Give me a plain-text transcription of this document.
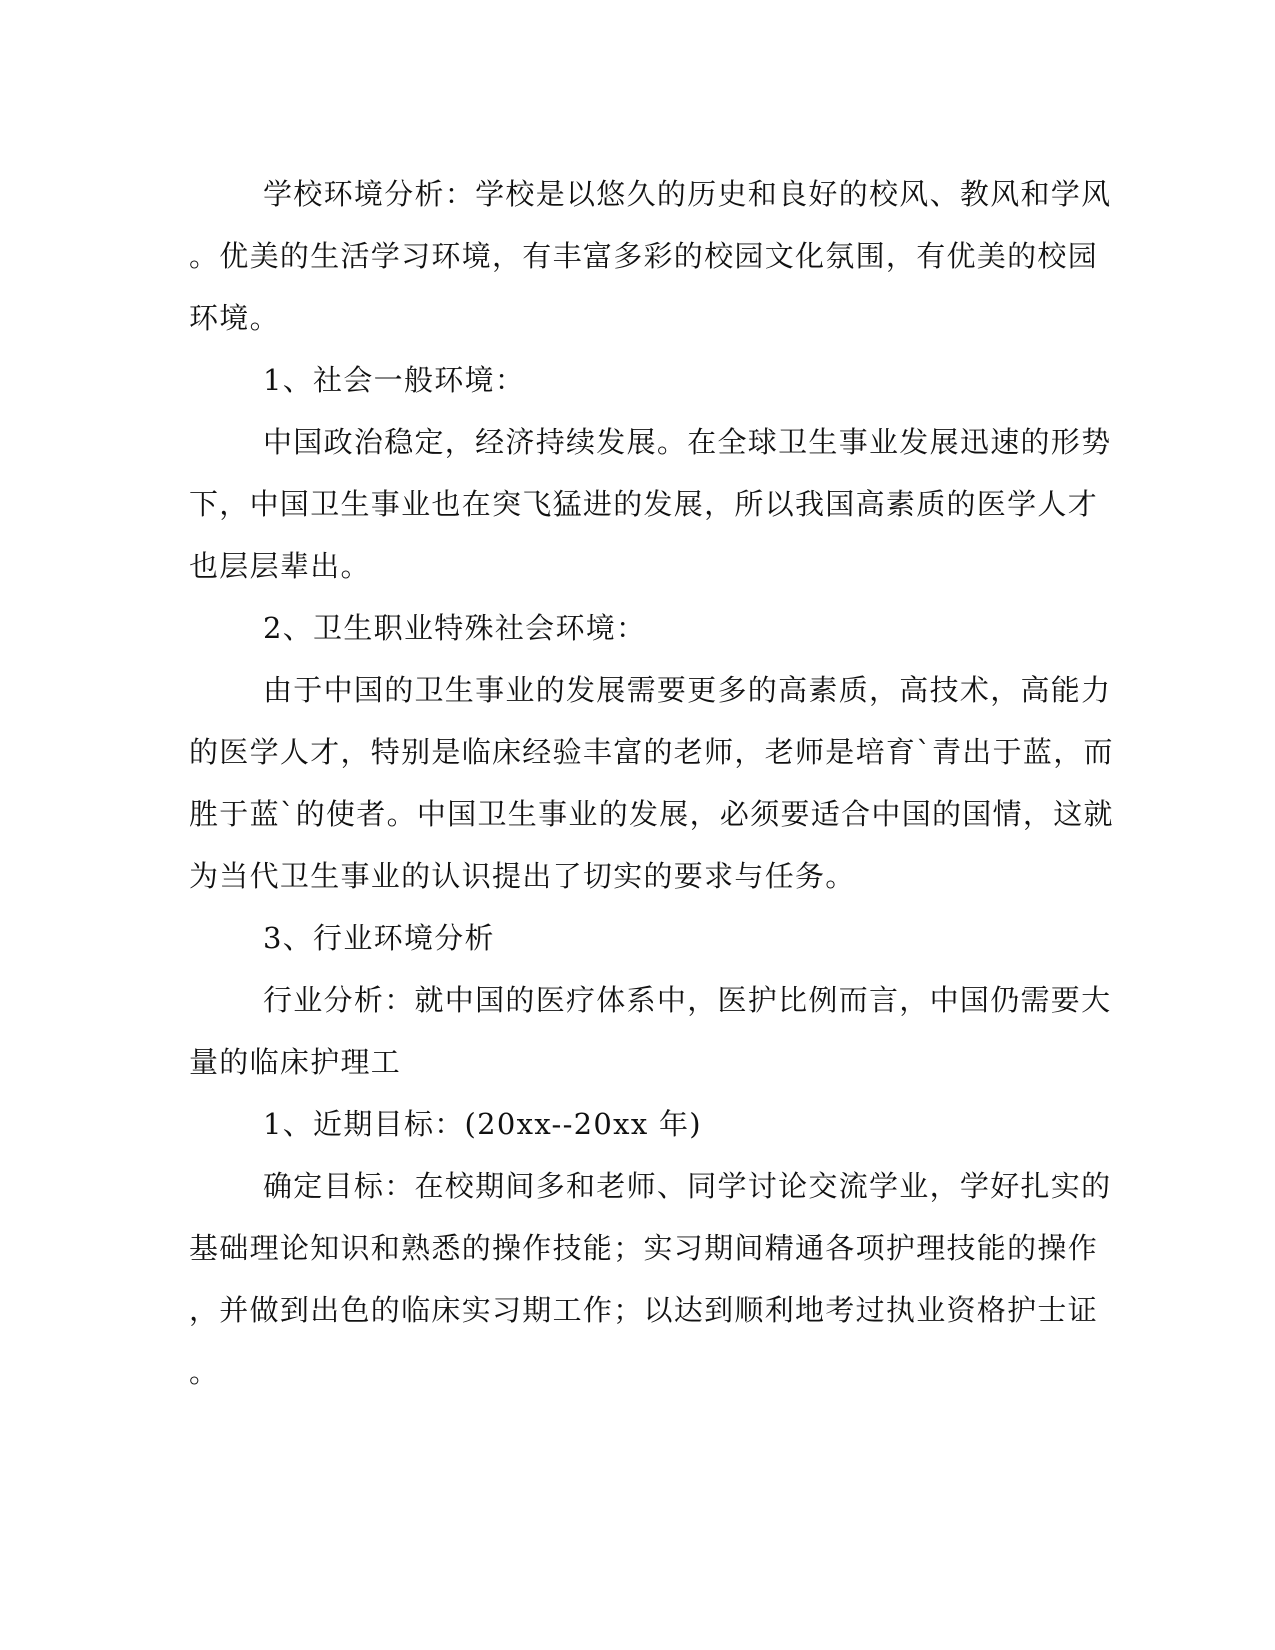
学校环境分析：学校是以悠久的历史和良好的校风、教风和学风
。优美的生活学习环境，有丰富多彩的校园文化氛围，有优美的校园
环境。
1、社会一般环境：
中国政治稳定，经济持续发展。在全球卫生事业发展迅速的形势
下，中国卫生事业也在突飞猛进的发展，所以我国高素质的医学人才
也层层辈出。
2、卫生职业特殊社会环境：
由于中国的卫生事业的发展需要更多的高素质，高技术，高能力
的医学人才，特别是临床经验丰富的老师，老师是培育`青出于蓝，而
胜于蓝`的使者。中国卫生事业的发展，必须要适合中国的国情，这就
为当代卫生事业的认识提出了切实的要求与任务。
3、行业环境分析
行业分析：就中国的医疗体系中，医护比例而言，中国仍需要大
量的临床护理工
1、近期目标：(20xx--20xx 年)
确定目标：在校期间多和老师、同学讨论交流学业，学好扎实的
基础理论知识和熟悉的操作技能；实习期间精通各项护理技能的操作
，并做到出色的临床实习期工作；以达到顺利地考过执业资格护士证
。
